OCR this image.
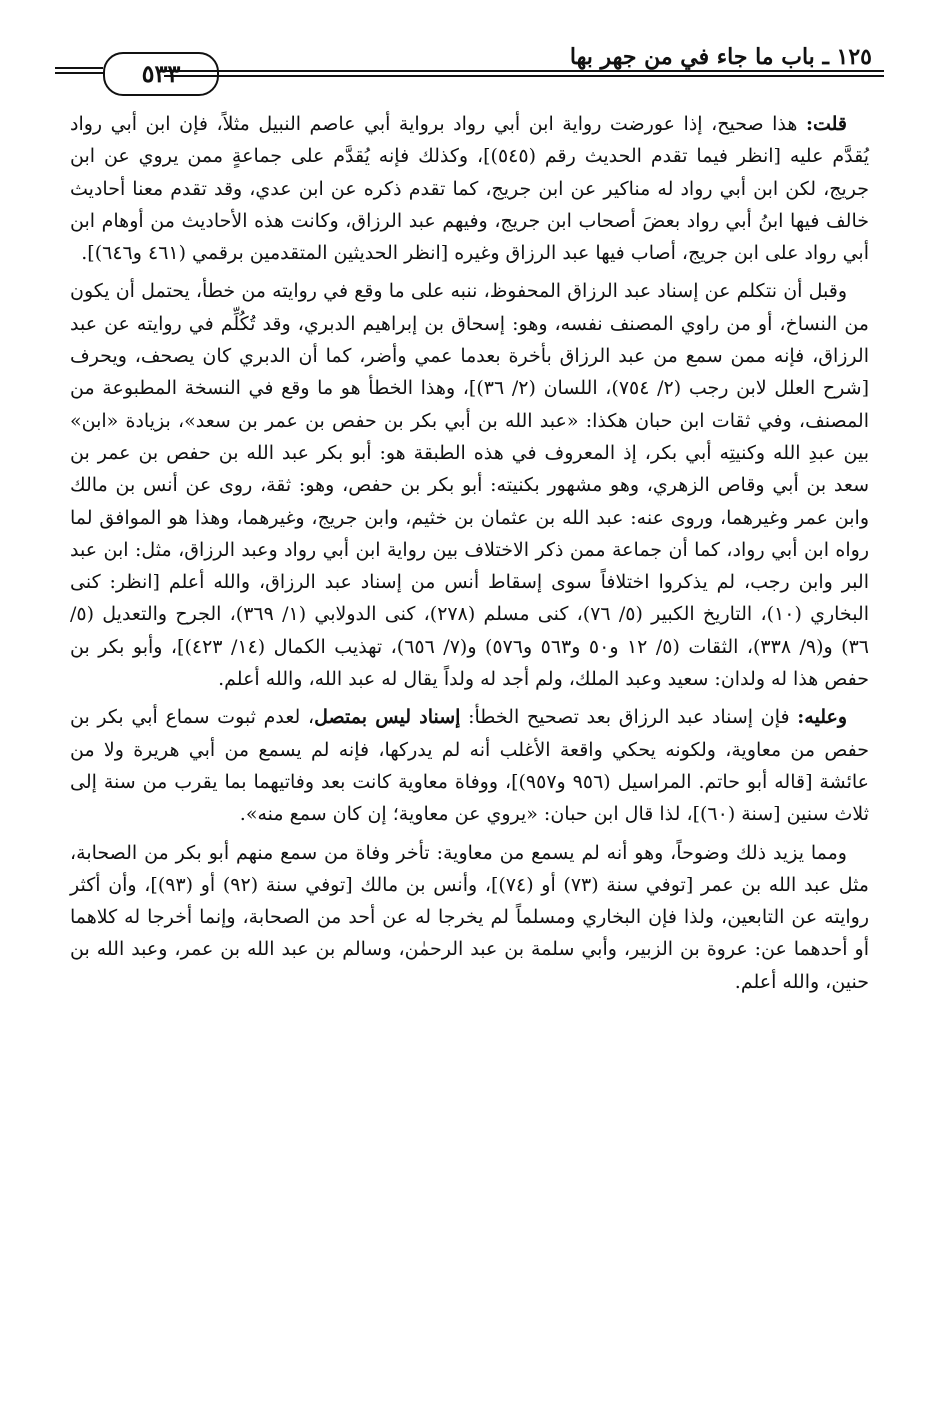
٥٣٣
١٢٥ ـ باب ما جاء في من جهر بها

قلت: هذا صحيح، إذا عورضت رواية ابن أبي رواد برواية أبي عاصم النبيل مثلاً، فإن ابن أبي رواد يُقدَّم عليه [انظر فيما تقدم الحديث رقم (٥٤٥)]، وكذلك فإنه يُقدَّم على جماعةٍ ممن يروي عن ابن جريج، لكن ابن أبي رواد له مناكير عن ابن جريج، كما تقدم ذكره عن ابن عدي، وقد تقدم معنا أحاديث خالف فيها ابنُ أبي رواد بعضَ أصحاب ابن جريج، وفيهم عبد الرزاق، وكانت هذه الأحاديث من أوهام ابن أبي رواد على ابن جريج، أصاب فيها عبد الرزاق وغيره [انظر الحديثين المتقدمين برقمي (٤٦١ و٦٤٦)].

وقبل أن نتكلم عن إسناد عبد الرزاق المحفوظ، ننبه على ما وقع في روايته من خطأ، يحتمل أن يكون من النساخ، أو من راوي المصنف نفسه، وهو: إسحاق بن إبراهيم الدبري، وقد تُكُلِّم في روايته عن عبد الرزاق، فإنه ممن سمع من عبد الرزاق بأخرة بعدما عمي وأضر، كما أن الدبري كان يصحف، ويحرف [شرح العلل لابن رجب (٢/ ٧٥٤)، اللسان (٢/ ٣٦)]، وهذا الخطأ هو ما وقع في النسخة المطبوعة من المصنف، وفي ثقات ابن حبان هكذا: «عبد الله بن أبي بكر بن حفص بن عمر بن سعد»، بزيادة «ابن» بين عبدِ الله وكنيتِه أبي بكر، إذ المعروف في هذه الطبقة هو: أبو بكر عبد الله بن حفص بن عمر بن سعد بن أبي وقاص الزهري، وهو مشهور بكنيته: أبو بكر بن حفص، وهو: ثقة، روى عن أنس بن مالك وابن عمر وغيرهما، وروى عنه: عبد الله بن عثمان بن خثيم، وابن جريج، وغيرهما، وهذا هو الموافق لما رواه ابن أبي رواد، كما أن جماعة ممن ذكر الاختلاف بين رواية ابن أبي رواد وعبد الرزاق، مثل: ابن عبد البر وابن رجب، لم يذكروا اختلافاً سوى إسقاط أنس من إسناد عبد الرزاق، والله أعلم [انظر: كنى البخاري (١٠)، التاريخ الكبير (٥/ ٧٦)، كنى مسلم (٢٧٨)، كنى الدولابي (١/ ٣٦٩)، الجرح والتعديل (٥/ ٣٦) و(٩/ ٣٣٨)، الثقات (٥/ ١٢ و٥٠ و٥٦٣ و٥٧٦) و(٧/ ٦٥٦)، تهذيب الكمال (١٤/ ٤٢٣)]، وأبو بكر بن حفص هذا له ولدان: سعيد وعبد الملك، ولم أجد له ولداً يقال له عبد الله، والله أعلم.

وعليه: فإن إسناد عبد الرزاق بعد تصحيح الخطأ: إسناد ليس بمتصل، لعدم ثبوت سماع أبي بكر بن حفص من معاوية، ولكونه يحكي واقعة الأغلب أنه لم يدركها، فإنه لم يسمع من أبي هريرة ولا من عائشة [قاله أبو حاتم. المراسيل (٩٥٦ و٩٥٧)]، ووفاة معاوية كانت بعد وفاتيهما بما يقرب من سنة إلى ثلاث سنين [سنة (٦٠)]، لذا قال ابن حبان: «يروي عن معاوية؛ إن كان سمع منه».

ومما يزيد ذلك وضوحاً، وهو أنه لم يسمع من معاوية: تأخر وفاة من سمع منهم أبو بكر من الصحابة، مثل عبد الله بن عمر [توفي سنة (٧٣) أو (٧٤)]، وأنس بن مالك [توفي سنة (٩٢) أو (٩٣)]، وأن أكثر روايته عن التابعين، ولذا فإن البخاري ومسلماً لم يخرجا له عن أحد من الصحابة، وإنما أخرجا له كلاهما أو أحدهما عن: عروة بن الزبير، وأبي سلمة بن عبد الرحمٰن، وسالم بن عبد الله بن عمر، وعبد الله بن حنين، والله أعلم.
